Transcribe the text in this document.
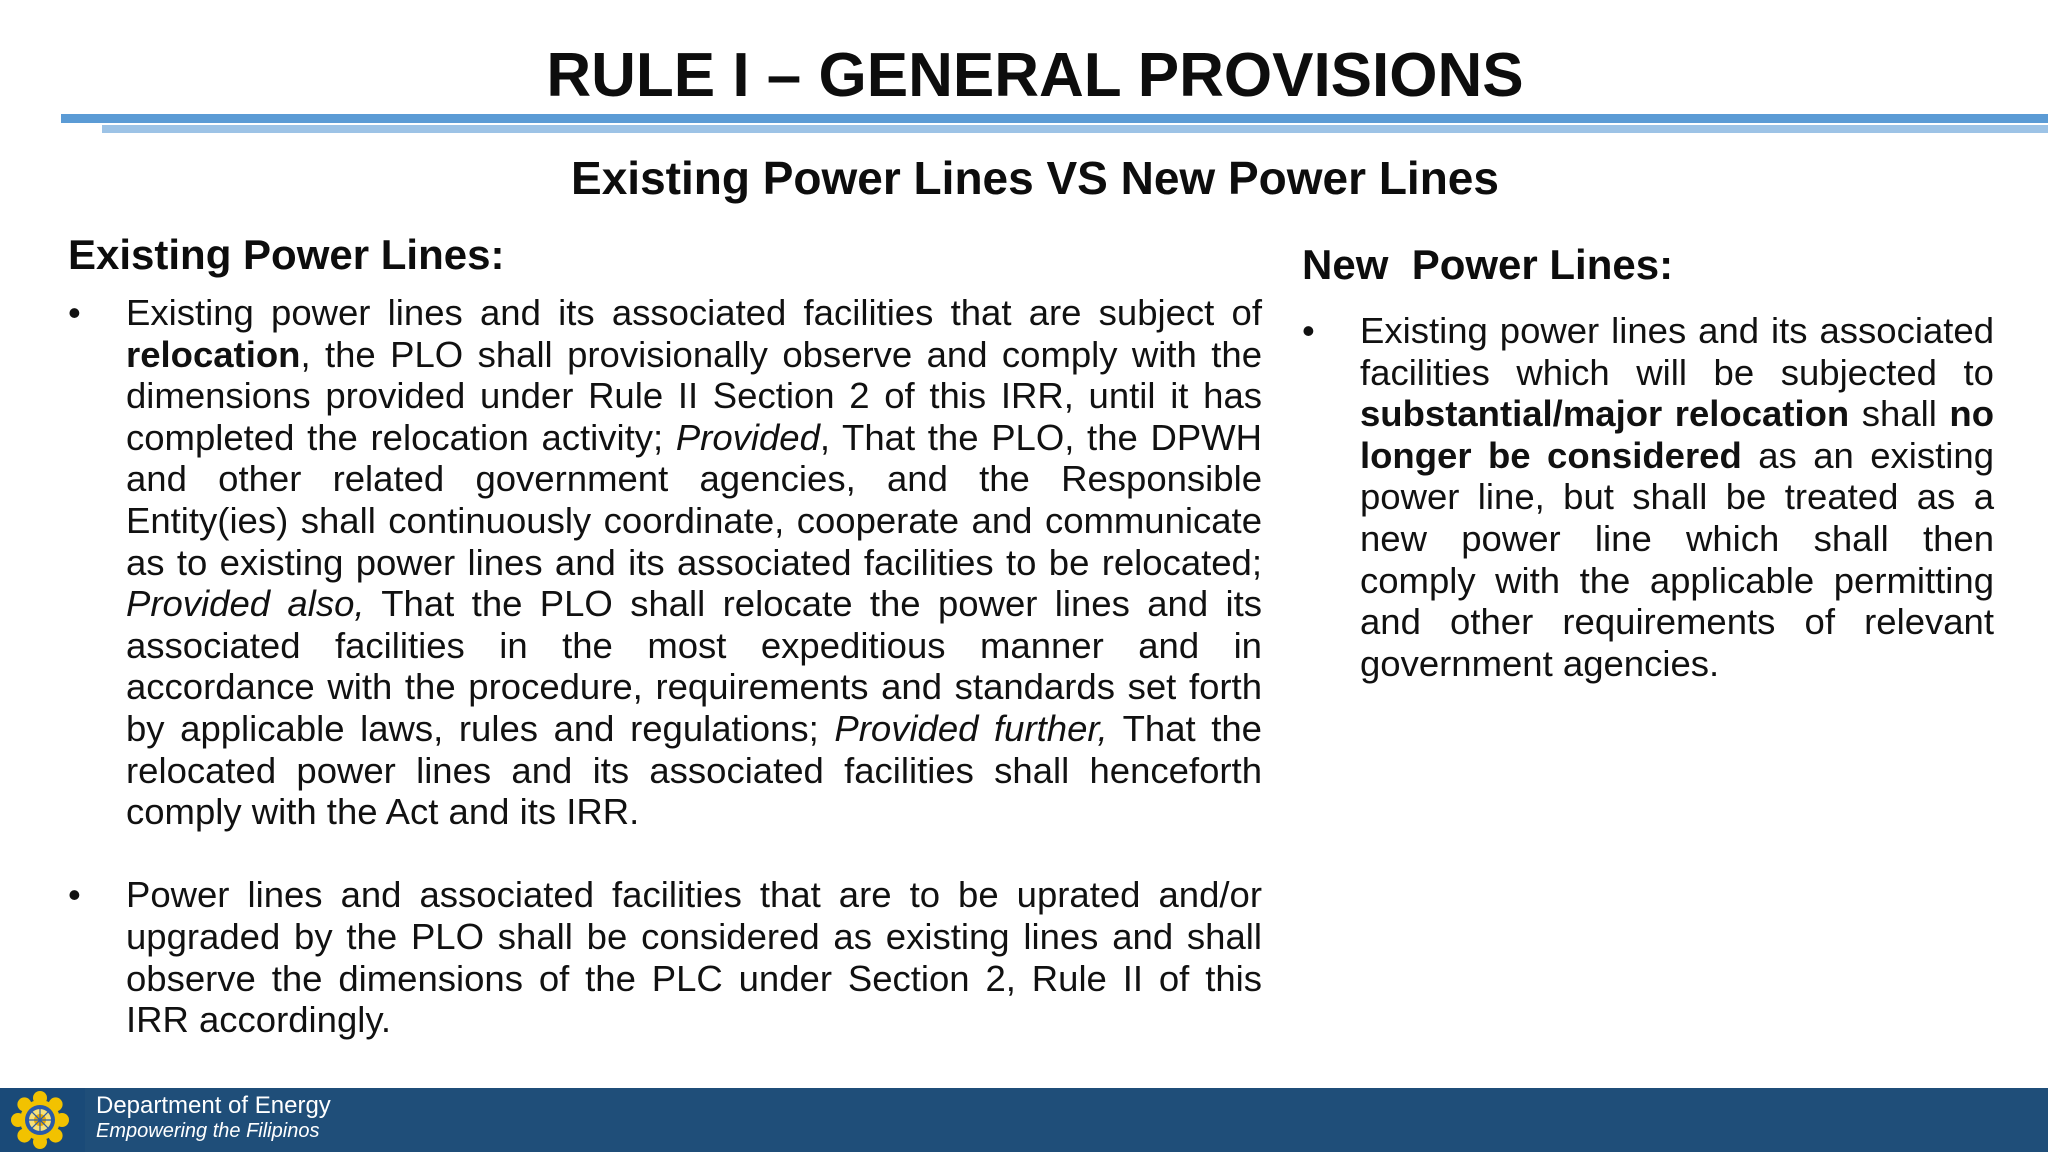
RULE I – GENERAL PROVISIONS
Existing Power Lines VS New Power Lines
Existing Power Lines:
•	Existing power lines and its associated facilities that are subject of relocation, the PLO shall provisionally observe and comply with the dimensions provided under Rule II Section 2 of this IRR, until it has completed the relocation activity; Provided, That the PLO, the DPWH and other related government agencies, and the Responsible Entity(ies) shall continuously coordinate, cooperate and communicate as to existing power lines and its associated facilities to be relocated; Provided also, That the PLO shall relocate the power lines and its associated facilities in the most expeditious manner and in accordance with the procedure, requirements and standards set forth by applicable laws, rules and regulations; Provided further, That the relocated power lines and its associated facilities shall henceforth comply with the Act and its IRR.
•	Power lines and associated facilities that are to be uprated and/or upgraded by the PLO shall be considered as existing lines and shall observe the dimensions of the PLC under Section 2, Rule II of this IRR accordingly.
New  Power Lines:
•	Existing power lines and its associated facilities which will be subjected to substantial/major relocation shall no longer be considered as an existing power line, but shall be treated as a new power line which shall then comply with the applicable permitting and other requirements of relevant government agencies.
Department of Energy
Empowering the Filipinos
